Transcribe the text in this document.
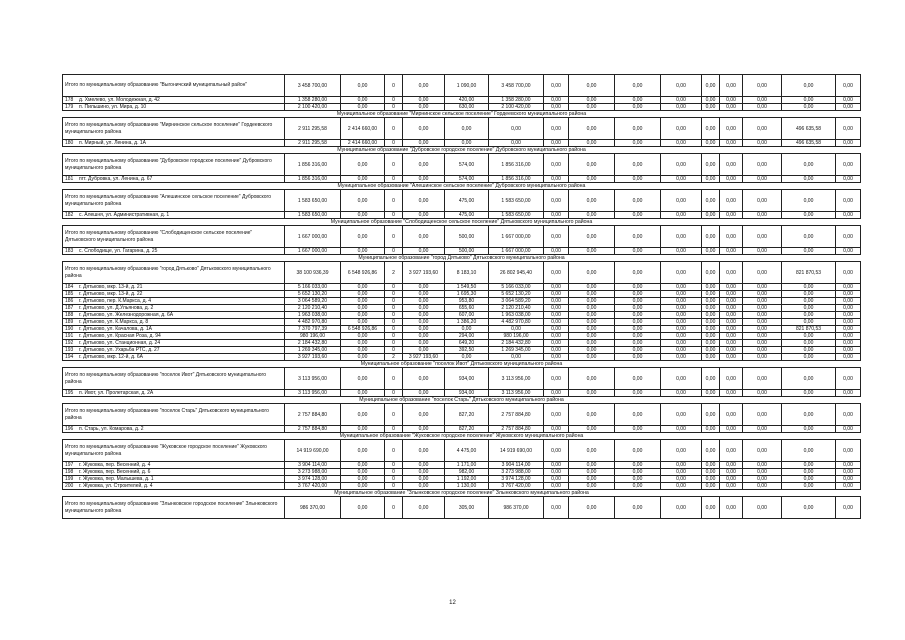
Итого по муниципальному образованию "Выгоничский муниципальный район"	3 458 700,00	0,00	0	0,00	1 090,00	3 458 700,00	0,00	0,00	0,00	0,00	0,00	0,00	0,00	0,00	0,00
178 д. Хмелево, ул. Молодежная, д. 42	1 358 280,00	0,00	0	0,00	420,00	1 358 280,00	0,00	0,00	0,00	0,00	0,00	0,00	0,00	0,00	0,00
179 п. Пильшино, ул. Мира, д. 10	2 100 420,00	0,00	0	0,00	630,00	2 100 420,00	0,00	0,00	0,00	0,00	0,00	0,00	0,00	0,00	0,00
Муниципальное образование "Мирнинское сельское поселение" Гордеевского муниципального района															
Итого по муниципальному образованию "Мирнинское сельское поселение" Гордеевского муниципального района	2 911 295,58	2 414 660,00	0	0,00	0,00	0,00	0,00	0,00	0,00	0,00	0,00	0,00	0,00	496 635,58	0,00
180 п. Мирный, ул. Ленина, д. 1А	2 911 295,58	2 414 660,00	0	0,00	0,00	0,00	0,00	0,00	0,00	0,00	0,00	0,00	0,00	496 635,58	0,00
Муниципальное образование "Дубровское городское поселение" Дубровского муниципального района															
Итого по муниципальному образованию "Дубровское городское поселение" Дубровского муниципального района	1 856 316,00	0,00	0	0,00	574,00	1 856 316,00	0,00	0,00	0,00	0,00	0,00	0,00	0,00	0,00	0,00
181 пгт. Дубровка, ул. Ленина, д. 67	1 856 316,00	0,00	0	0,00	574,00	1 856 316,00	0,00	0,00	0,00	0,00	0,00	0,00	0,00	0,00	0,00
Муниципальное образование "Алешинское сельское поселение" Дубровского муниципального района															
Итого по муниципальному образованию "Алешинское сельское поселение" Дубровского муниципального района	1 583 650,00	0,00	0	0,00	475,00	1 583 650,00	0,00	0,00	0,00	0,00	0,00	0,00	0,00	0,00	0,00
182 с. Алешня, ул. Административная, д. 1	1 583 650,00	0,00	0	0,00	475,00	1 583 650,00	0,00	0,00	0,00	0,00	0,00	0,00	0,00	0,00	0,00
Муниципальное образование "Слободищенское сельское поселение" Дятьковского муниципального района															
Итого по муниципальному образованию "Слободищенское сельское поселение" Дятьковского муниципального района	1 667 000,00	0,00	0	0,00	500,00	1 667 000,00	0,00	0,00	0,00	0,00	0,00	0,00	0,00	0,00	0,00
183 с. Слободище, ул. Гагарина, д. 25	1 667 000,00	0,00	0	0,00	500,00	1 667 000,00	0,00	0,00	0,00	0,00	0,00	0,00	0,00	0,00	0,00
Муниципальное образование "город Дятьково" Дятьковского муниципального района															
Итого по муниципальному образованию "город Дятьково" Дятьковского муниципального района	38 100 936,39	6 548 926,86	2	3 927 193,60	8 183,10	26 802 945,40	0,00	0,00	0,00	0,00	0,00	0,00	0,00	821 870,53	0,00
184 г. Дятьково, мкр. 13-й, д. 21	5 166 033,00	0,00	0	0,00	1 549,50	5 166 033,00	0,00	0,00	0,00	0,00	0,00	0,00	0,00	0,00	0,00
185 г. Дятьково, мкр. 13-й, д. 22	5 652 130,20	0,00	0	0,00	1 695,30	5 652 130,20	0,00	0,00	0,00	0,00	0,00	0,00	0,00	0,00	0,00
186 г. Дятьково, пер. К.Маркса, д. 4	3 064 589,20	0,00	0	0,00	953,80	3 064 589,20	0,00	0,00	0,00	0,00	0,00	0,00	0,00	0,00	0,00
187 г. Дятьково, ул. Д.Ульянова, д. 2	2 120 210,40	0,00	0	0,00	655,60	2 120 210,40	0,00	0,00	0,00	0,00	0,00	0,00	0,00	0,00	0,00
188 г. Дятьково, ул. Железнодорожная, д. 6А	1 963 038,00	0,00	0	0,00	607,00	1 963 038,00	0,00	0,00	0,00	0,00	0,00	0,00	0,00	0,00	0,00
189 г. Дятьково, ул. К.Маркса, д. 8	4 482 970,80	0,00	0	0,00	1 386,20	4 482 970,80	0,00	0,00	0,00	0,00	0,00	0,00	0,00	0,00	0,00
190 г. Дятьково, ул. Качалова, д. 1А	7 370 797,39	6 548 926,86	0	0,00	0,00	0,00	0,00	0,00	0,00	0,00	0,00	0,00	0,00	821 870,53	0,00
191 г. Дятьково, ул. Красная Роза, д. 94	980 196,00	0,00	0	0,00	294,00	980 196,00	0,00	0,00	0,00	0,00	0,00	0,00	0,00	0,00	0,00
192 г. Дятьково, ул. Станционная, д. 24	2 184 432,80	0,00	0	0,00	649,20	2 184 432,80	0,00	0,00	0,00	0,00	0,00	0,00	0,00	0,00	0,00
193 г. Дятьково, ул. Ухарьба РТС, д. 27	1 269 345,00	0,00	0	0,00	392,50	1 269 345,00	0,00	0,00	0,00	0,00	0,00	0,00	0,00	0,00	0,00
194 г. Дятьково, мкр. 12-й, д. 6А	3 927 193,60	0,00	2	3 927 193,60	0,00	0,00	0,00	0,00	0,00	0,00	0,00	0,00	0,00	0,00	0,00
Муниципальное образование "поселок Ивот" Дятьковского муниципального района															
Итого по муниципальному образованию "поселок Ивот" Дятьковского муниципального района	3 113 956,00	0,00	0	0,00	934,00	3 113 956,00	0,00	0,00	0,00	0,00	0,00	0,00	0,00	0,00	0,00
195 п. Ивот, ул. Пролетарская, д. 2А	3 113 956,00	0,00	0	0,00	934,00	3 113 956,00	0,00	0,00	0,00	0,00	0,00	0,00	0,00	0,00	0,00
Муниципальное образование "поселок Старь" Дятьковского муниципального района															
Итого по муниципальному образованию "поселок Старь" Дятьковского муниципального района	2 757 884,80	0,00	0	0,00	827,20	2 757 884,80	0,00	0,00	0,00	0,00	0,00	0,00	0,00	0,00	0,00
196 п. Старь, ул. Комарова, д. 2	2 757 884,80	0,00	0	0,00	827,20	2 757 884,80	0,00	0,00	0,00	0,00	0,00	0,00	0,00	0,00	0,00
Муниципальное образование "Жуковское городское поселение" Жуковского муниципального района															
Итого по муниципальному образованию "Жуковское городское поселение" Жуковского муниципального района	14 919 690,00	0,00	0	0,00	4 475,00	14 919 690,00	0,00	0,00	0,00	0,00	0,00	0,00	0,00	0,00	0,00
197 г. Жуковка, пер. Весенний, д. 4	3 904 114,00	0,00	0	0,00	1 171,00	3 904 114,00	0,00	0,00	0,00	0,00	0,00	0,00	0,00	0,00	0,00
198 г. Жуковка, пер. Весенний, д. 6	3 273 988,00	0,00	0	0,00	982,00	3 273 988,00	0,00	0,00	0,00	0,00	0,00	0,00	0,00	0,00	0,00
199 г. Жуковка, пер. Малышева, д. 1	3 974 128,00	0,00	0	0,00	1 192,00	3 974 128,00	0,00	0,00	0,00	0,00	0,00	0,00	0,00	0,00	0,00
200 г. Жуковка, ул. Строителей, д. 4	3 767 420,00	0,00	0	0,00	1 130,00	3 767 420,00	0,00	0,00	0,00	0,00	0,00	0,00	0,00	0,00	0,00
Муниципальное образование "Злынковское городское поселение" Злынковского муниципального района															
Итого по муниципальному образованию "Злынковское городское поселение" Злынковского муниципального района	986 370,00	0,00	0	0,00	305,00	986 370,00	0,00	0,00	0,00	0,00	0,00	0,00	0,00	0,00	0,00
12
